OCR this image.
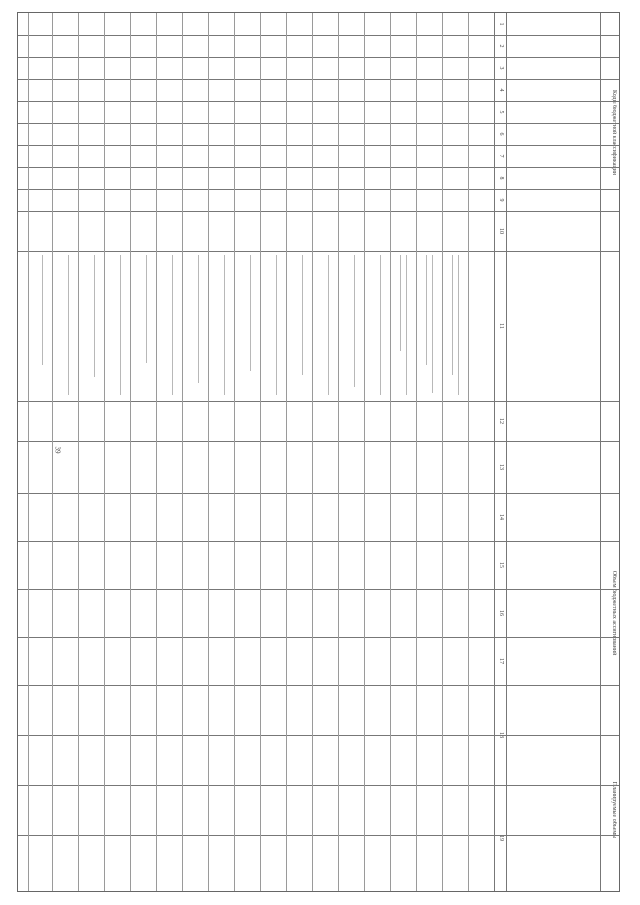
39
Коды бюджетной классификации
Объем бюджетных ассигнований
Планируемые объемы
1
2
3
4
5
6
7
8
9
10
11
12
13
14
15
16
17
18
19
